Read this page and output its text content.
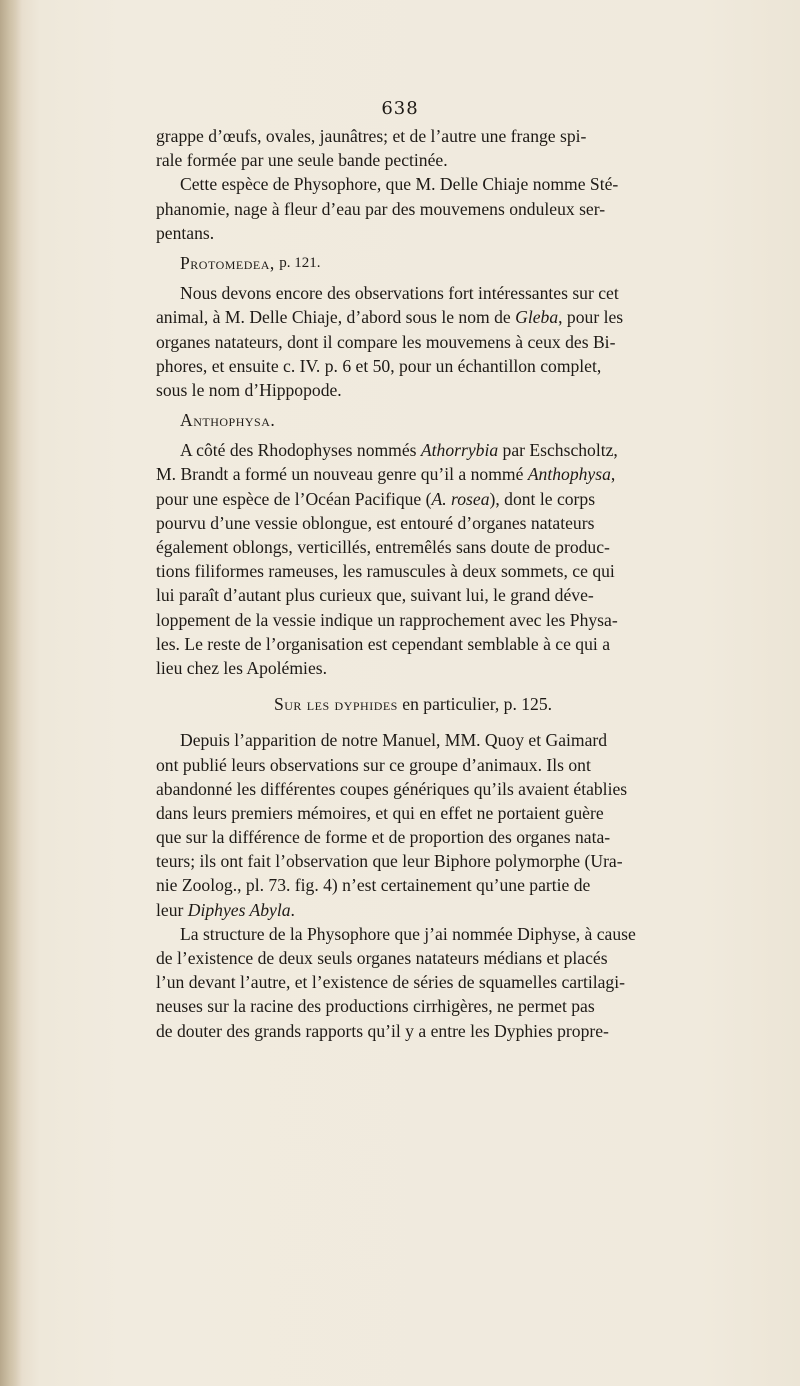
638
grappe d’œufs, ovales, jaunâtres; et de l’autre une frange spi-
rale formée par une seule bande pectinée.
Cette espèce de Physophore, que M. Delle Chiaje nomme Sté-
phanomie, nage à fleur d’eau par des mouvemens onduleux ser-
pentans.
Protomedea,
p. 121.
Nous devons encore des observations fort intéressantes sur cet
animal, à M. Delle Chiaje, d’abord sous le nom de Gleba, pour les
organes natateurs, dont il compare les mouvemens à ceux des Bi-
phores, et ensuite c. IV. p. 6 et 50, pour un échantillon complet,
sous le nom d’Hippopode.
Anthophysa.
A côté des Rhodophyses nommés Athorrybia par Eschscholtz,
M. Brandt a formé un nouveau genre qu’il a nommé Anthophysa,
pour une espèce de l’Océan Pacifique (A. rosea), dont le corps
pourvu d’une vessie oblongue, est entouré d’organes natateurs
également oblongs, verticillés, entremêlés sans doute de produc-
tions filiformes rameuses, les ramuscules à deux sommets, ce qui
lui paraît d’autant plus curieux que, suivant lui, le grand déve-
loppement de la vessie indique un rapprochement avec les Physa-
les. Le reste de l’organisation est cependant semblable à ce qui a
lieu chez les Apolémies.
Sur les dyphides
en particulier, p. 125.
Depuis l’apparition de notre Manuel, MM. Quoy et Gaimard
ont publié leurs observations sur ce groupe d’animaux. Ils ont
abandonné les différentes coupes génériques qu’ils avaient établies
dans leurs premiers mémoires, et qui en effet ne portaient guère
que sur la différence de forme et de proportion des organes nata-
teurs; ils ont fait l’observation que leur Biphore polymorphe (Ura-
nie Zoolog., pl. 73. fig. 4) n’est certainement qu’une partie de
leur Diphyes Abyla.
La structure de la Physophore que j’ai nommée Diphyse, à cause
de l’existence de deux seuls organes natateurs médians et placés
l’un devant l’autre, et l’existence de séries de squamelles cartilagi-
neuses sur la racine des productions cirrhigères, ne permet pas
de douter des grands rapports qu’il y a entre les Dyphies propre-
